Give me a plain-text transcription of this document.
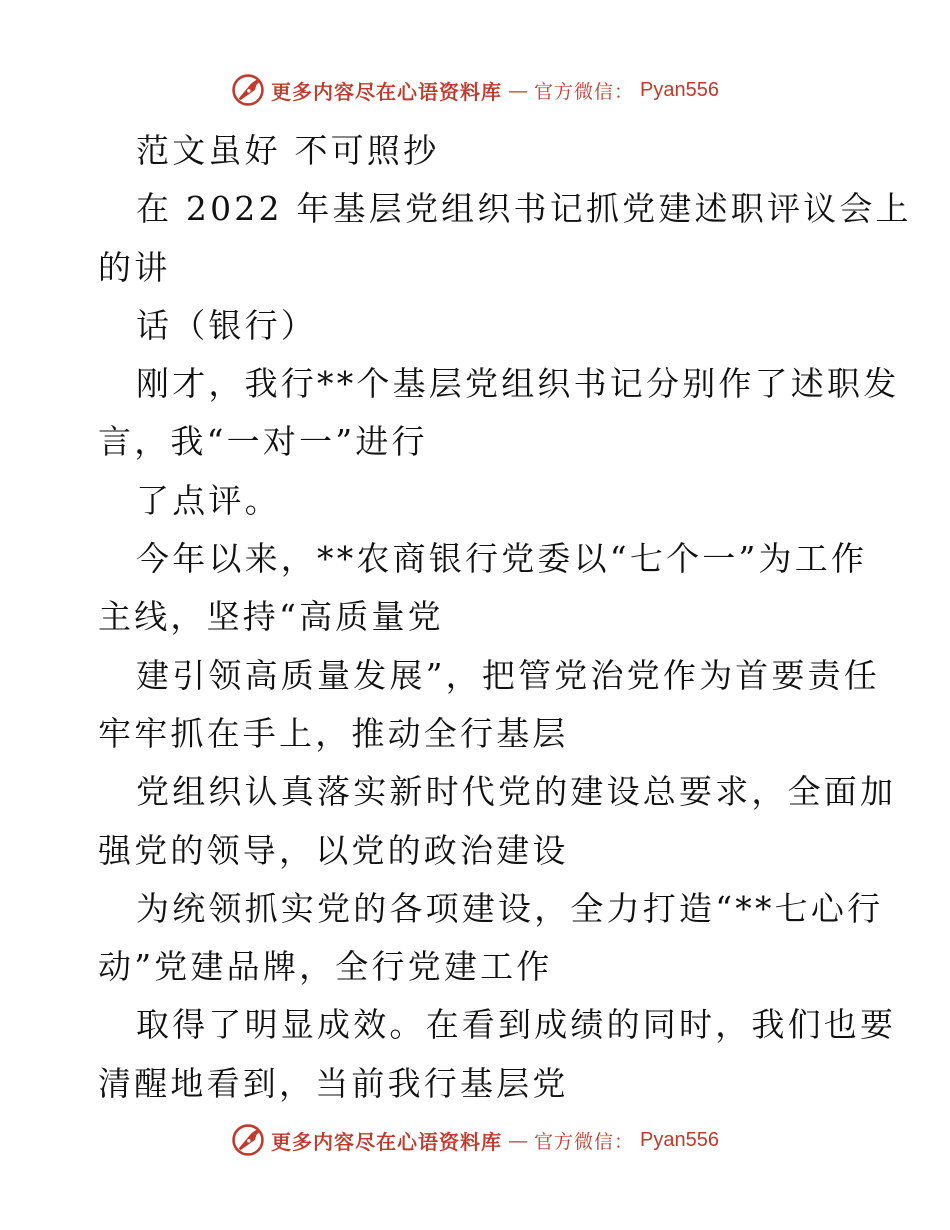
更多内容尽在心语资料库 — 官方微信： Pyan556
范文虽好 不可照抄
在 2022 年基层党组织书记抓党建述职评议会上
的讲
话（银行）
刚才，我行**个基层党组织书记分别作了述职发
言，我“一对一”进行
了点评。
今年以来，**农商银行党委以“七个一”为工作
主线，坚持“高质量党
建引领高质量发展”，把管党治党作为首要责任
牢牢抓在手上，推动全行基层
党组织认真落实新时代党的建设总要求，全面加
强党的领导，以党的政治建设
为统领抓实党的各项建设，全力打造“**七心行
动”党建品牌，全行党建工作
取得了明显成效。在看到成绩的同时，我们也要
清醒地看到，当前我行基层党
更多内容尽在心语资料库 — 官方微信： Pyan556
